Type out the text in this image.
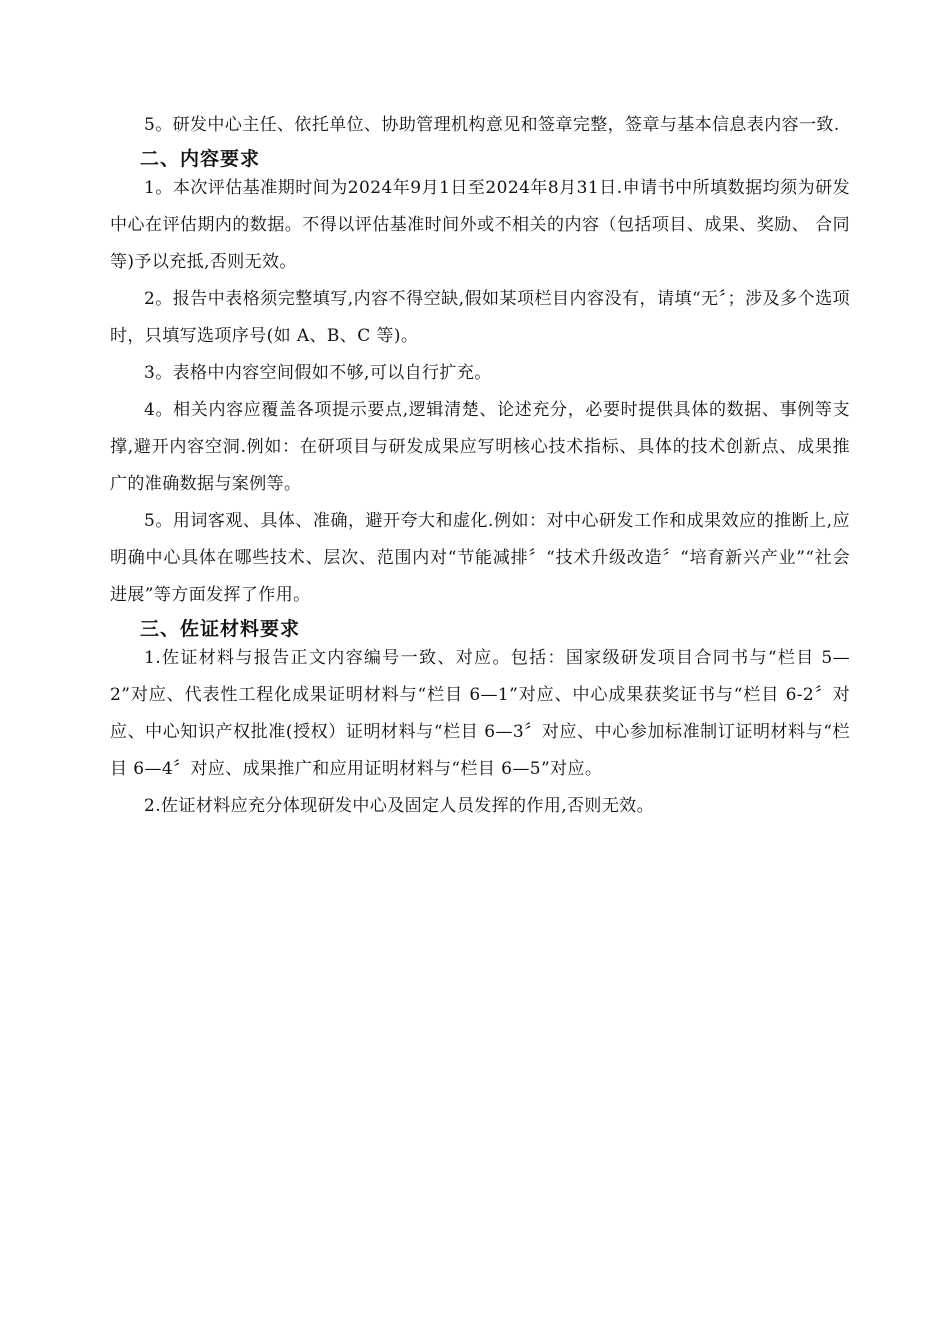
5。研发中心主任、依托单位、协助管理机构意见和签章完整，签章与基本信息表内容一致.

二、内容要求

1。本次评估基准期时间为2024年9月1日至2024年8月31日.申请书中所填数据均须为研发中心在评估期内的数据。不得以评估基准时间外或不相关的内容（包括项目、成果、奖励、 合同等)予以充抵,否则无效。

2。报告中表格须完整填写,内容不得空缺,假如某项栏目内容没有，请填“无〞；涉及多个选项时，只填写选项序号(如 A、B、C 等)。

3。表格中内容空间假如不够,可以自行扩充。

4。相关内容应覆盖各项提示要点,逻辑清楚、论述充分，必要时提供具体的数据、事例等支撑,避开内容空洞.例如：在研项目与研发成果应写明核心技术指标、具体的技术创新点、成果推广的准确数据与案例等。

5。用词客观、具体、准确，避开夸大和虚化.例如：对中心研发工作和成果效应的推断上,应明确中心具体在哪些技术、层次、范围内对“节能减排〞“技术升级改造〞“培育新兴产业”“社会进展”等方面发挥了作用。

三、佐证材料要求

1.佐证材料与报告正文内容编号一致、对应。包括：国家级研发项目合同书与“栏目 5—2”对应、代表性工程化成果证明材料与“栏目 6—1”对应、中心成果获奖证书与“栏目 6-2〞对应、中心知识产权批准(授权）证明材料与“栏目 6—3〞对应、中心参加标准制订证明材料与“栏目 6—4〞对应、成果推广和应用证明材料与“栏目 6—5”对应。

2.佐证材料应充分体现研发中心及固定人员发挥的作用,否则无效。
